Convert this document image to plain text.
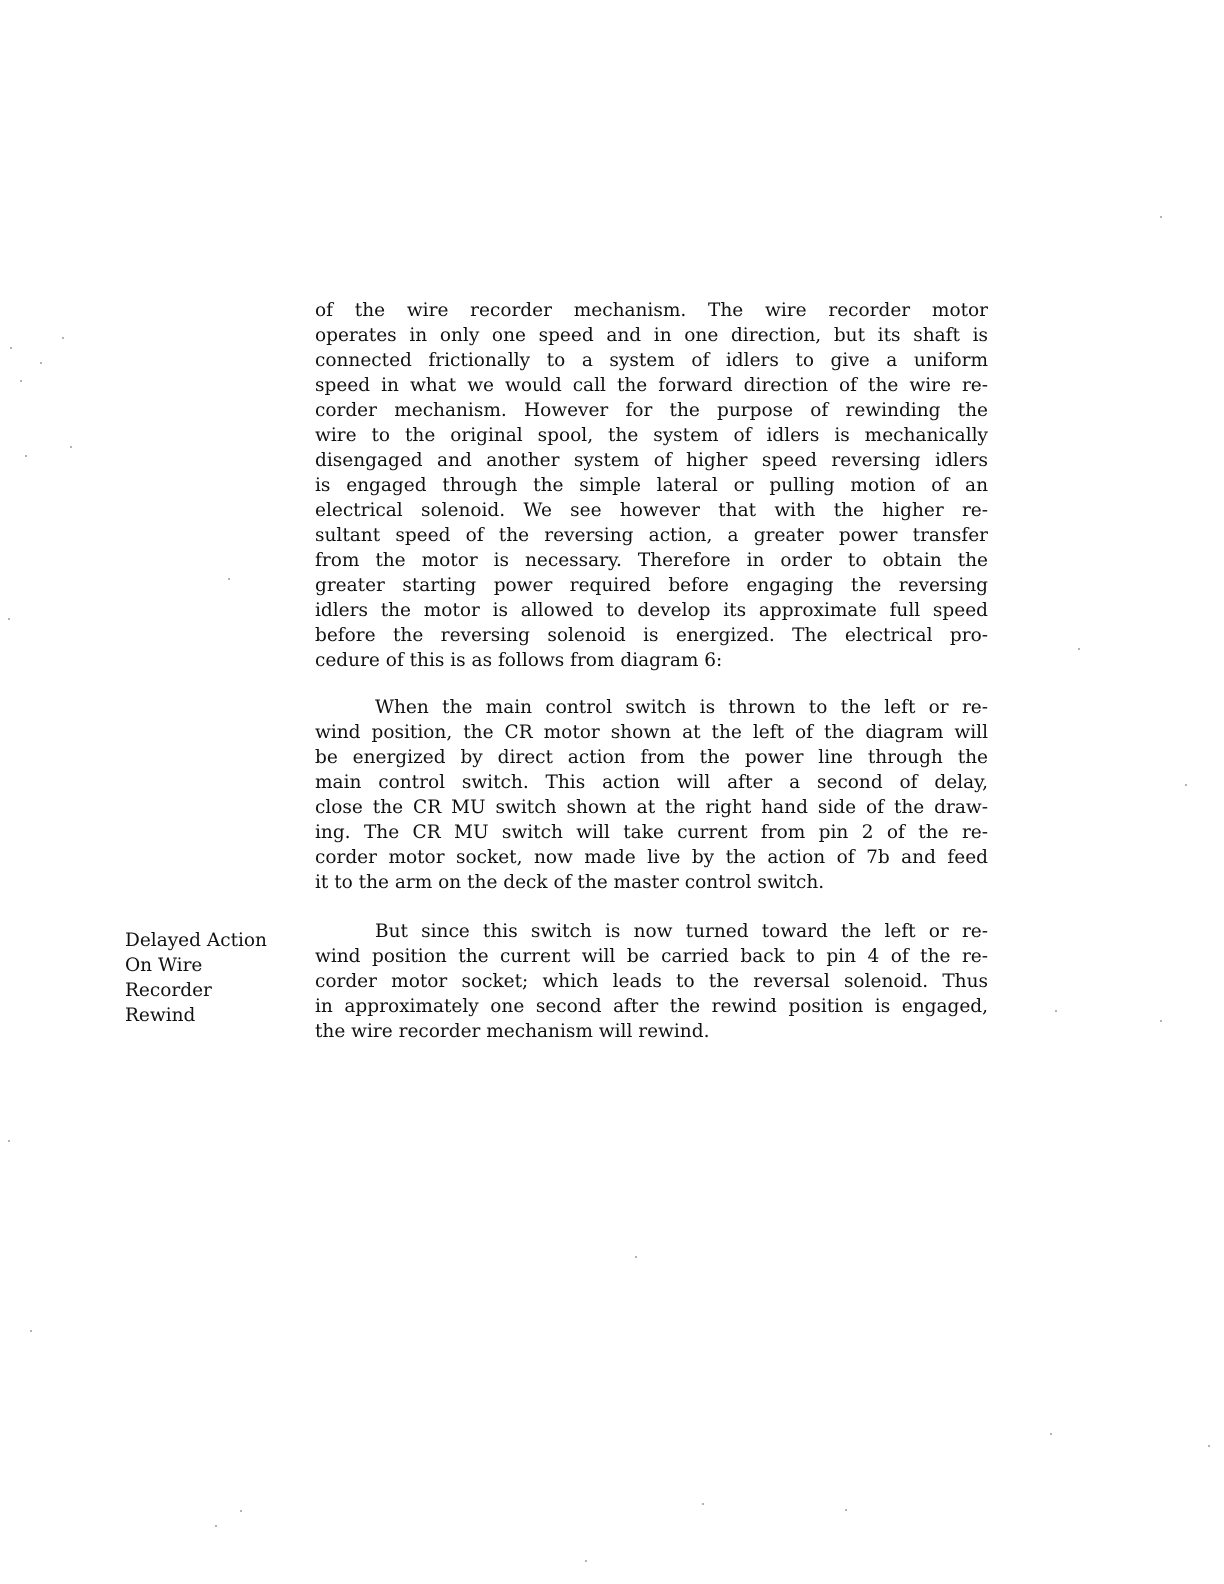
of the wire recorder mechanism. The wire recorder motor
operates in only one speed and in one direction, but its shaft is
connected frictionally to a system of idlers to give a uniform
speed in what we would call the forward direction of the wire re-
corder mechanism. However for the purpose of rewinding the
wire to the original spool, the system of idlers is mechanically
disengaged and another system of higher speed reversing idlers
is engaged through the simple lateral or pulling motion of an
electrical solenoid. We see however that with the higher re-
sultant speed of the reversing action, a greater power transfer
from the motor is necessary. Therefore in order to obtain the
greater starting power required before engaging the reversing
idlers the motor is allowed to develop its approximate full speed
before the reversing solenoid is energized. The electrical pro-
cedure of this is as follows from diagram 6:
When the main control switch is thrown to the left or re-
wind position, the CR motor shown at the left of the diagram will
be energized by direct action from the power line through the
main control switch. This action will after a second of delay,
close the CR MU switch shown at the right hand side of the draw-
ing. The CR MU switch will take current from pin 2 of the re-
corder motor socket, now made live by the action of 7b and feed
it to the arm on the deck of the master control switch.
Delayed Action
On Wire
Recorder
Rewind
But since this switch is now turned toward the left or re-
wind position the current will be carried back to pin 4 of the re-
corder motor socket; which leads to the reversal solenoid. Thus
in approximately one second after the rewind position is engaged,
the wire recorder mechanism will rewind.
